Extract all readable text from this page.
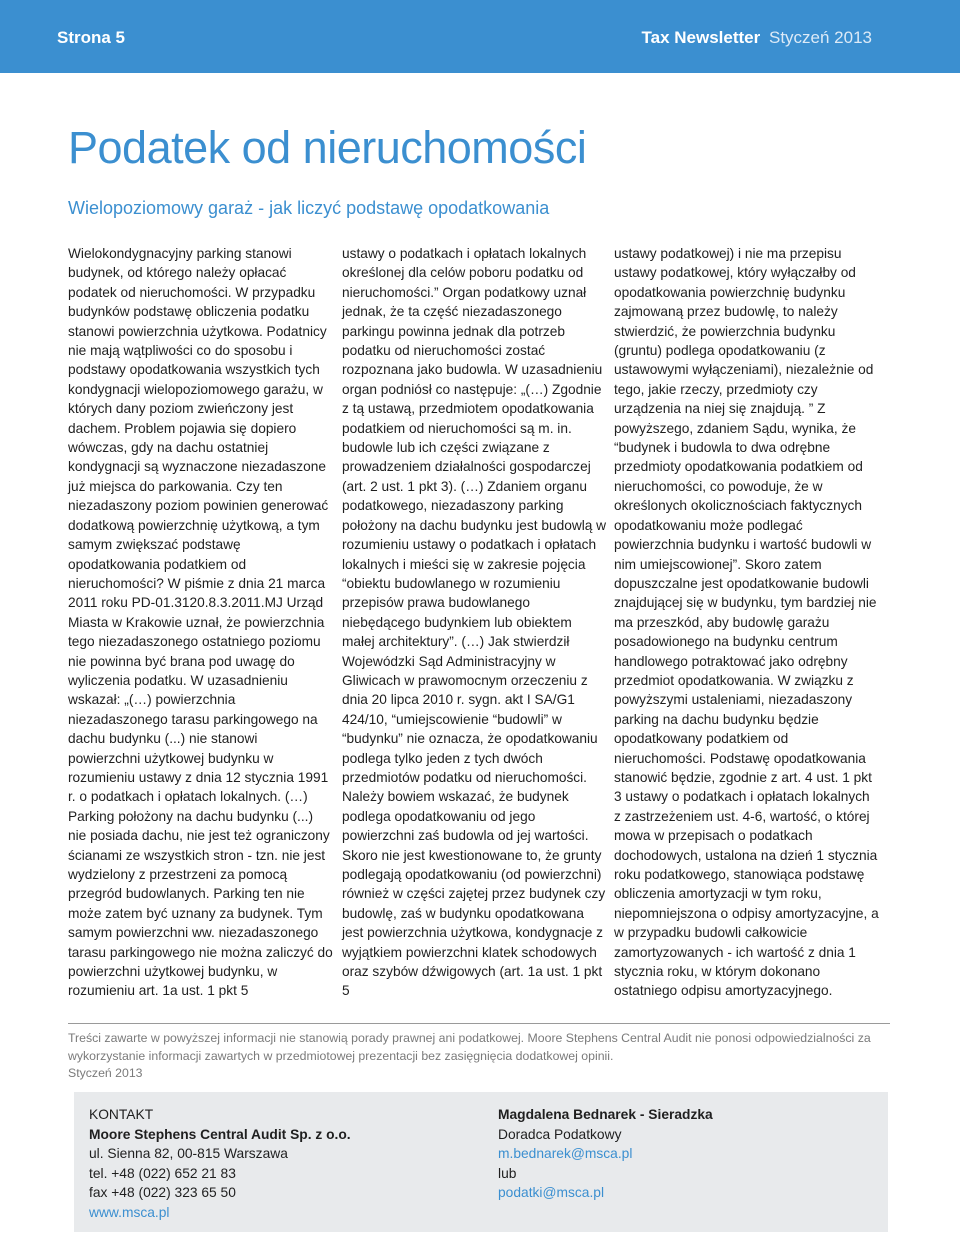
Strona 5	Tax Newsletter Styczeń 2013
Podatek od nieruchomości
Wielopoziomowy garaż - jak liczyć podstawę opodatkowania

Wielokondygnacyjny parking stanowi budynek, od którego należy opłacać podatek od nieruchomości. W przypadku budynków podstawę obliczenia podatku stanowi powierzchnia użytkowa. Podatnicy nie mają wątpliwości co do sposobu i podstawy opodatkowania wszystkich tych kondygnacji wielopoziomowego garażu, w których dany poziom zwieńczony jest dachem. Problem pojawia się dopiero wówczas, gdy na dachu ostatniej kondygnacji są wyznaczone niezadaszone już miejsca do parkowania. Czy ten niezadaszony poziom powinien generować dodatkową powierzchnię użytkową, a tym samym zwiększać podstawę opodatkowania podatkiem od nieruchomości? W piśmie z dnia 21 marca 2011 roku PD-01.3120.8.3.2011.MJ Urząd Miasta w Krakowie uznał, że powierzchnia tego niezadaszonego ostatniego poziomu nie powinna być brana pod uwagę do wyliczenia podatku. W uzasadnieniu wskazał: „(…) powierzchnia niezadaszonego tarasu parkingowego na dachu budynku (...) nie stanowi powierzchni użytkowej budynku w rozumieniu ustawy z dnia 12 stycznia 1991 r. o podatkach i opłatach lokalnych. (…) Parking położony na dachu budynku (...) nie posiada dachu, nie jest też ograniczony ścianami ze wszystkich stron - tzn. nie jest wydzielony z przestrzeni za pomocą przegród budowlanych. Parking ten nie może zatem być uznany za budynek. Tym samym powierzchni ww. niezadaszonego tarasu parkingowego nie można zaliczyć do powierzchni użytkowej budynku, w rozumieniu art. 1a ust. 1 pkt 5

ustawy o podatkach i opłatach lokalnych określonej dla celów poboru podatku od nieruchomości.” Organ podatkowy uznał jednak, że ta część niezadaszonego parkingu powinna jednak dla potrzeb podatku od nieruchomości zostać rozpoznana jako budowla. W uzasadnieniu organ podniósł co następuje: „(…) Zgodnie z tą ustawą, przedmiotem opodatkowania podatkiem od nieruchomości są m. in. budowle lub ich części związane z prowadzeniem działalności gospodarczej (art. 2 ust. 1 pkt 3). (…) Zdaniem organu podatkowego, niezadaszony parking położony na dachu budynku jest budowlą w rozumieniu ustawy o podatkach i opłatach lokalnych i mieści się w zakresie pojęcia “obiektu budowlanego w rozumieniu przepisów prawa budowlanego niebędącego budynkiem lub obiektem małej architektury”. (…) Jak stwierdził Wojewódzki Sąd Administracyjny w Gliwicach w prawomocnym orzeczeniu z dnia 20 lipca 2010 r. sygn. akt I SA/G1 424/10, “umiejscowienie “budowli” w “budynku” nie oznacza, że opodatkowaniu podlega tylko jeden z tych dwóch przedmiotów podatku od nieruchomości. Należy bowiem wskazać, że budynek podlega opodatkowaniu od jego powierzchni zaś budowla od jej wartości. Skoro nie jest kwestionowane to, że grunty podlegają opodatkowaniu (od powierzchni) również w części zajętej przez budynek czy budowlę, zaś w budynku opodatkowana jest powierzchnia użytkowa, kondygnacje z wyjątkiem powierzchni klatek schodowych oraz szybów dźwigowych (art. 1a ust. 1 pkt 5

ustawy podatkowej) i nie ma przepisu ustawy podatkowej, który wyłączałby od opodatkowania powierzchnię budynku zajmowaną przez budowlę, to należy stwierdzić, że powierzchnia budynku (gruntu) podlega opodatkowaniu (z ustawowymi wyłączeniami), niezależnie od tego, jakie rzeczy, przedmioty czy urządzenia na niej się znajdują. ” Z powyższego, zdaniem Sądu, wynika, że “budynek i budowla to dwa odrębne przedmioty opodatkowania podatkiem od nieruchomości, co powoduje, że w określonych okolicznościach faktycznych opodatkowaniu może podlegać powierzchnia budynku i wartość budowli w nim umiejscowionej”. Skoro zatem dopuszczalne jest opodatkowanie budowli znajdującej się w budynku, tym bardziej nie ma przeszkód, aby budowlę garażu posadowionego na budynku centrum handlowego potraktować jako odrębny przedmiot opodatkowania. W związku z powyższymi ustaleniami, niezadaszony parking na dachu budynku będzie opodatkowany podatkiem od nieruchomości. Podstawę opodatkowania stanowić będzie, zgodnie z art. 4 ust. 1 pkt 3 ustawy o podatkach i opłatach lokalnych z zastrzeżeniem ust. 4-6, wartość, o której mowa w przepisach o podatkach dochodowych, ustalona na dzień 1 stycznia roku podatkowego, stanowiąca podstawę obliczenia amortyzacji w tym roku, niepomniejszona o odpisy amortyzacyjne, a w przypadku budowli całkowicie zamortyzowanych - ich wartość z dnia 1 stycznia roku, w którym dokonano ostatniego odpisu amortyzacyjnego.

Treści zawarte w powyższej informacji nie stanowią porady prawnej ani podatkowej. Moore Stephens Central Audit nie ponosi odpowiedzialności za wykorzystanie informacji zawartych w przedmiotowej prezentacji bez zasięgnięcia dodatkowej opinii.
Styczeń 2013
KONTAKT
Moore Stephens Central Audit Sp. z o.o.
ul. Sienna 82, 00-815 Warszawa
tel. +48 (022) 652 21 83
fax +48 (022) 323 65 50
www.msca.pl
Magdalena Bednarek - Sieradzka
Doradca Podatkowy
m.bednarek@msca.pl
lub
podatki@msca.pl
